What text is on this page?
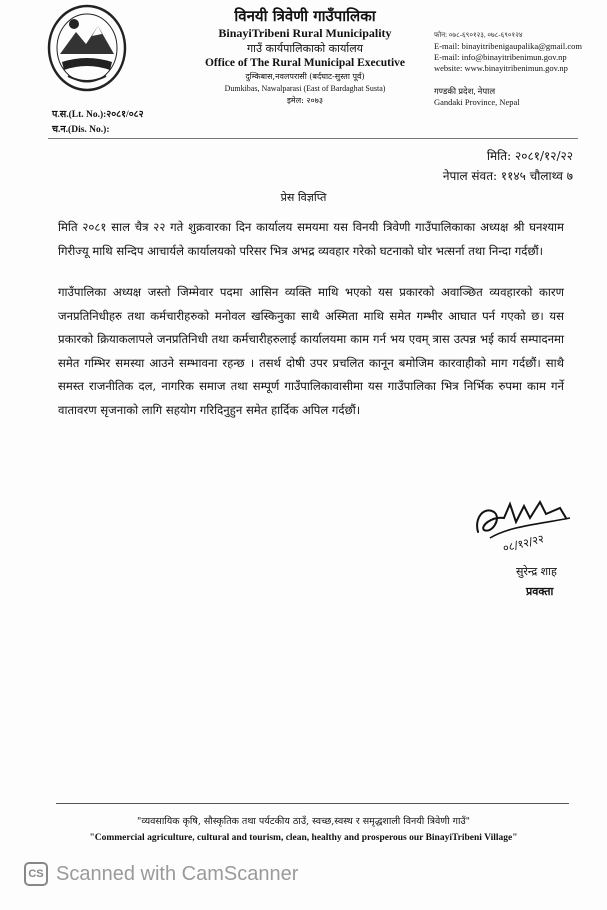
विनयी त्रिवेणी गाउँपालिका
BinayiTribeni Rural Municipality
गाउँ कार्यपालिकाको कार्यालय
Office of The Rural Municipal Executive
दुम्किबास,नवलपरासी (बर्दघाट-सुस्ता पूर्व)
Dumkibas, Nawalparasi (East of Bardaghat Susta)
इमेल: २०७३
फोन: ०७८-६९०१२३, ०७८-६९०१२४
E-mail: binayitribenigaupalika@gmail.com
E-mail: info@binayitribenimun.gov.np
website: www.binayitribenimun.gov.np
गण्डकी प्रदेश, नेपाल
Gandaki Province, Nepal
प.स.(Lt. No.):२०८१/०८२
च.न.(Dis. No.):
मिति: २०८१/१२/२२
नेपाल संवत: ११४५ चौलाथ्व ७
प्रेस विज्ञप्ति

मिति २०८१ साल चैत्र २२ गते शुक्रवारका दिन कार्यालय समयमा यस विनयी त्रिवेणी गाउँपालिकाका अध्यक्ष श्री घनश्याम गिरीज्यू माथि सन्दिप आचार्यले कार्यालयको परिसर भित्र अभद्र व्यवहार गरेको घटनाको घोर भत्सर्ना तथा निन्दा गर्दछौं।

गाउँपालिका अध्यक्ष जस्तो जिम्मेवार पदमा आसिन व्यक्ति माथि भएको यस प्रकारको अवाञ्छित व्यवहारको कारण जनप्रतिनिधीहरु तथा कर्मचारीहरुको मनोवल खस्किनुका साथै अस्मिता माथि समेत गम्भीर आघात पर्न गएको छ। यस प्रकारको क्रियाकलापले जनप्रतिनिधी तथा कर्मचारीहरुलाई कार्यालयमा काम गर्न भय एवम् त्रास उत्पन्न भई कार्य सम्पादनमा समेत गम्भिर समस्या आउने सम्भावना रहन्छ । तसर्थ दोषी उपर प्रचलित कानून बमोजिम कारवाहीको माग गर्दछौं। साथै समस्त राजनीतिक दल, नागरिक समाज तथा सम्पूर्ण गाउँपालिकावासीमा यस गाउँपालिका भित्र निर्भिक रुपमा काम गर्ने वातावरण सृजनाको लागि सहयोग गरिदिनुहुन समेत हार्दिक अपिल गर्दछौं।

०८/१२/२२
सुरेन्द्र शाह
प्रवक्ता
"व्यवसायिक कृषि, सौस्कृतिक तथा पर्यटकीय ठाउँ, स्वच्छ,स्वस्थ र समृद्धशाली विनयी त्रिवेणी गाउँ"
"Commercial agriculture, cultural and tourism, clean, healthy and prosperous our BinayiTribeni Village"
CS Scanned with CamScanner
